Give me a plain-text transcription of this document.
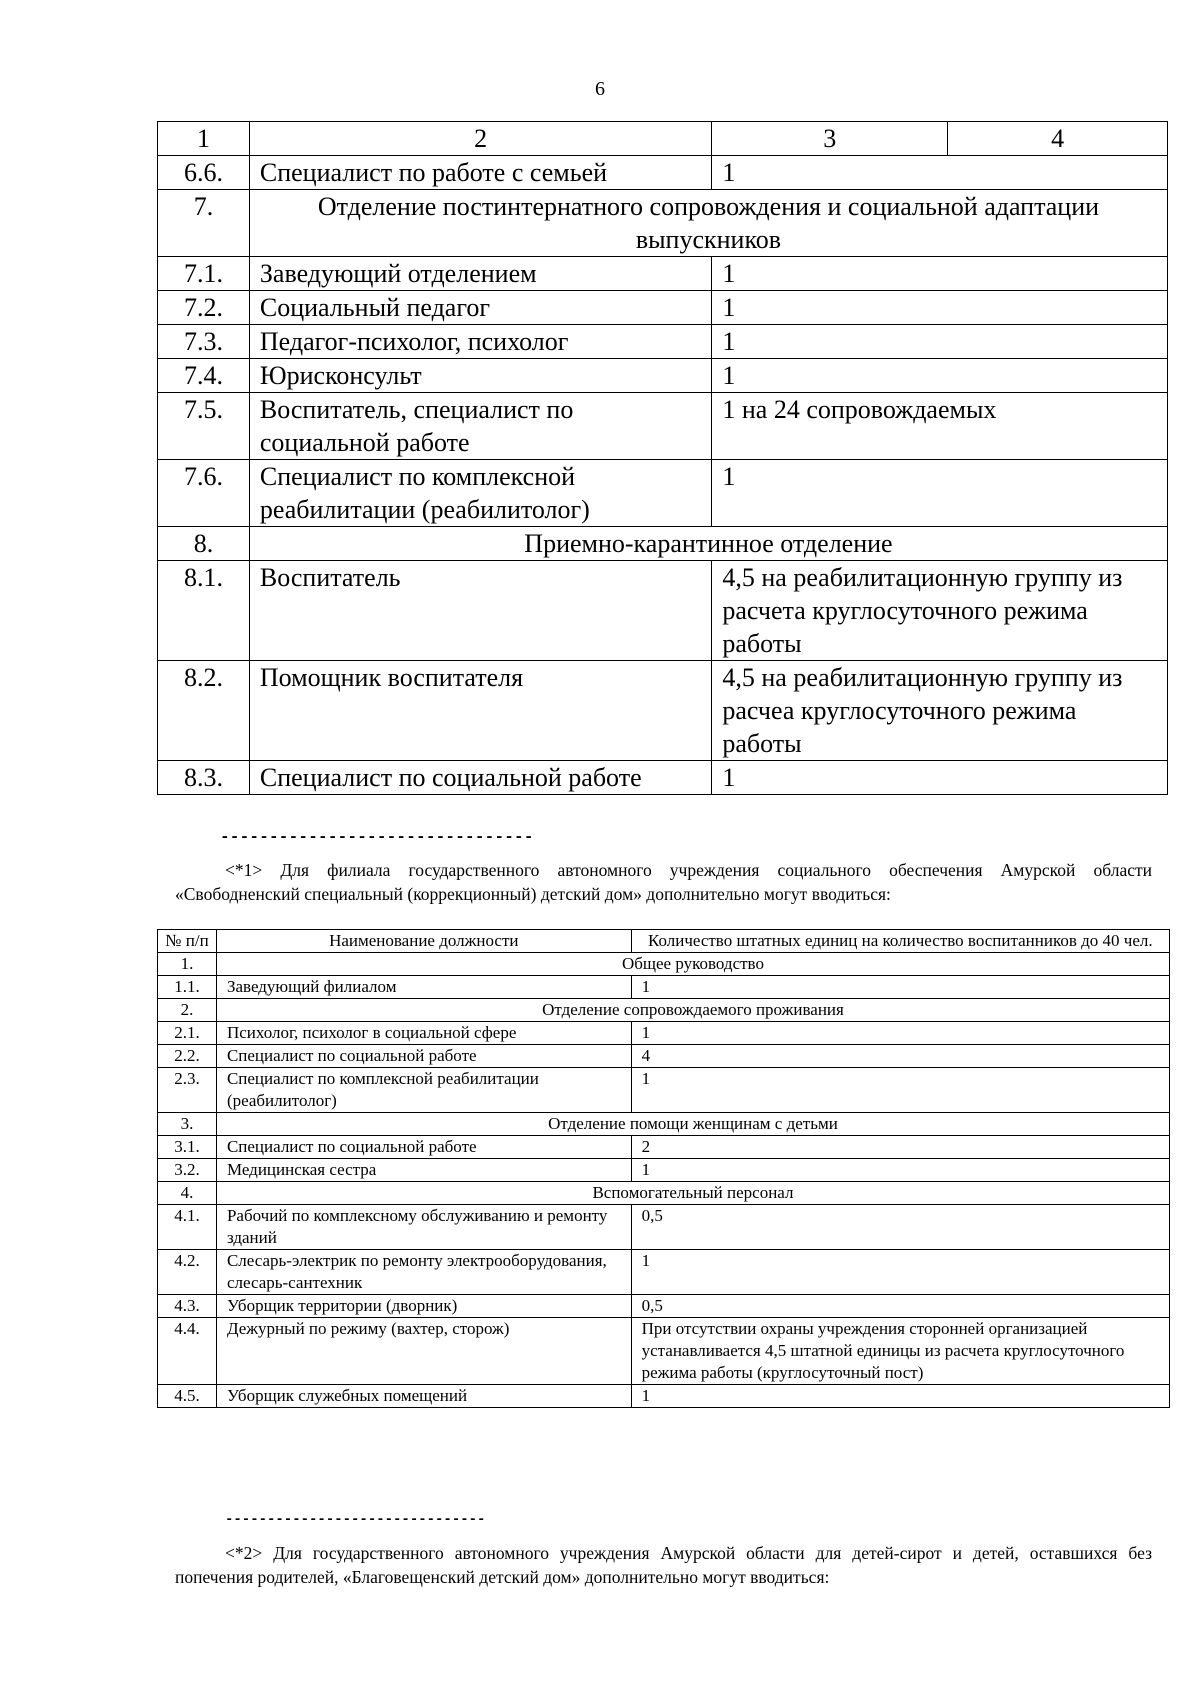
6
1	2	3	4
6.6.	Специалист по работе с семьей	1	
7.	Отделение постинтернатного сопровождения и социальной адаптации выпускников		
7.1.	Заведующий отделением	1	
7.2.	Социальный педагог	1	
7.3.	Педагог-психолог, психолог	1	
7.4.	Юрисконсульт	1	
7.5.	Воспитатель, специалист по социальной работе	1 на 24 сопровождаемых	
7.6.	Специалист по комплексной реабилитации (реабилитолог)	1	
8.	Приемно-карантинное отделение		
8.1.	Воспитатель	4,5 на реабилитационную группу из расчета круглосуточного режима работы	
8.2.	Помощник воспитателя	4,5 на реабилитационную группу из расчеа круглосуточного режима работы	
8.3.	Специалист по социальной работе	1	
--------------------------------
<*1> Для филиала государственного автономного учреждения социального обеспечения Амурской области «Свободненский специальный (коррекционный) детский дом» дополнительно могут вводиться:
№ п/п	Наименование должности	Количество штатных единиц на количество воспитанников до 40 чел.
1.	Общее руководство	
1.1.	Заведующий филиалом	1
2.	Отделение сопровождаемого проживания	
2.1.	Психолог, психолог в социальной сфере	1
2.2.	Специалист по социальной работе	4
2.3.	Специалист по комплексной реабилитации (реабилитолог)	1
3.	Отделение помощи женщинам с детьми	
3.1.	Специалист по социальной работе	2
3.2.	Медицинская сестра	1
4.	Вспомогательный персонал	
4.1.	Рабочий по комплексному обслуживанию и ремонту зданий	0,5
4.2.	Слесарь-электрик по ремонту электрооборудования, слесарь-сантехник	1
4.3.	Уборщик территории (дворник)	0,5
4.4.	Дежурный по режиму (вахтер, сторож)	При отсутствии охраны учреждения сторонней организацией устанавливается 4,5 штатной единицы из расчета круглосуточного режима работы (круглосуточный пост)
4.5.	Уборщик служебных помещений	1
-------------------------------
<*2> Для государственного автономного учреждения Амурской области для детей-сирот и детей, оставшихся без попечения родителей, «Благовещенский детский дом» дополнительно могут вводиться:
